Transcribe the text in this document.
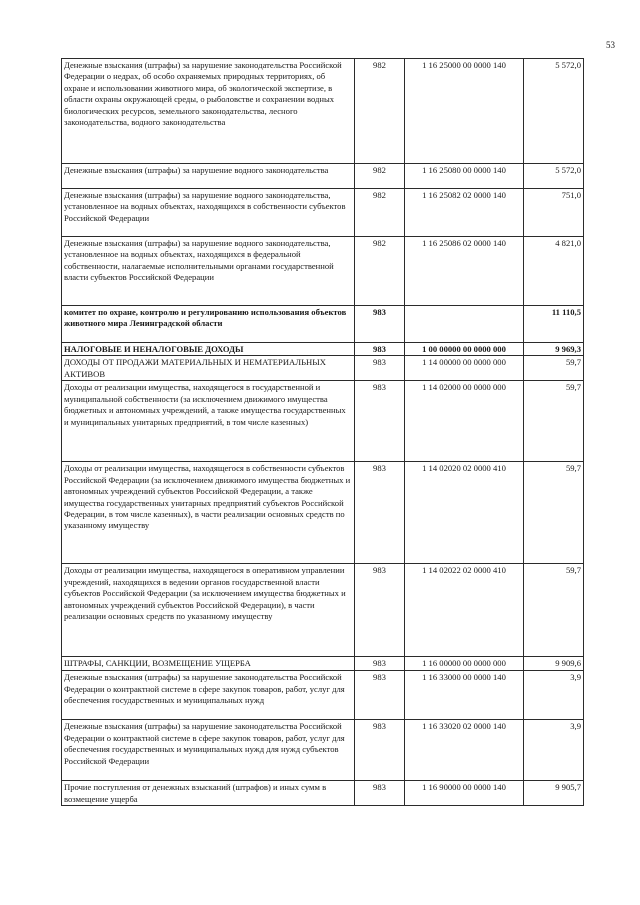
53
Денежные взыскания (штрафы) за нарушение законодательства Российской Федерации о недрах, об особо охраняемых природных территориях, об охране и использовании животного мира, об экологической экспертизе, в области охраны окружающей среды, о рыболовстве и сохранении водных биологических ресурсов, земельного законодательства, лесного законодательства, водного законодательства	982	1 16 25000 00 0000 140	5 572,0
Денежные взыскания (штрафы) за нарушение водного законодательства	982	1 16 25080 00 0000 140	5 572,0
Денежные взыскания (штрафы) за нарушение водного законодательства, установленное на водных объектах, находящихся в собственности субъектов Российской Федерации	982	1 16 25082 02 0000 140	751,0
Денежные взыскания (штрафы) за нарушение водного законодательства, установленное на водных объектах, находящихся в федеральной собственности, налагаемые исполнительными органами государственной власти субъектов Российской Федерации	982	1 16 25086 02 0000 140	4 821,0
комитет по охране, контролю и регулированию использования объектов животного мира Ленинградской области	983		11 110,5
НАЛОГОВЫЕ И НЕНАЛОГОВЫЕ ДОХОДЫ	983	1 00 00000 00 0000 000	9 969,3
ДОХОДЫ ОТ ПРОДАЖИ МАТЕРИАЛЬНЫХ И НЕМАТЕРИАЛЬНЫХ АКТИВОВ	983	1 14 00000 00 0000 000	59,7
Доходы от реализации имущества, находящегося в государственной и муниципальной собственности (за исключением движимого имущества бюджетных и автономных учреждений, а также имущества государственных и муниципальных унитарных предприятий, в том числе казенных)	983	1 14 02000 00 0000 000	59,7
Доходы от реализации имущества, находящегося в собственности субъектов Российской Федерации (за исключением движимого имущества бюджетных и автономных учреждений субъектов Российской Федерации, а также имущества государственных унитарных предприятий субъектов Российской Федерации, в том числе казенных), в части реализации основных средств по указанному имуществу	983	1 14 02020 02 0000 410	59,7
Доходы от реализации имущества, находящегося в оперативном управлении учреждений, находящихся в ведении органов государственной власти субъектов Российской Федерации (за исключением имущества бюджетных и автономных учреждений субъектов Российской Федерации), в части реализации основных средств по указанному имуществу	983	1 14 02022 02 0000 410	59,7
ШТРАФЫ, САНКЦИИ, ВОЗМЕЩЕНИЕ УЩЕРБА	983	1 16 00000 00 0000 000	9 909,6
Денежные взыскания (штрафы) за нарушение законодательства Российской Федерации о контрактной системе в сфере закупок товаров, работ, услуг для обеспечения государственных и муниципальных нужд	983	1 16 33000 00 0000 140	3,9
Денежные взыскания (штрафы) за нарушение законодательства Российской Федерации о контрактной системе в сфере закупок товаров, работ, услуг для обеспечения государственных и муниципальных нужд для нужд субъектов Российской Федерации	983	1 16 33020 02 0000 140	3,9
Прочие поступления от денежных взысканий (штрафов) и иных сумм в возмещение ущерба	983	1 16 90000 00 0000 140	9 905,7
